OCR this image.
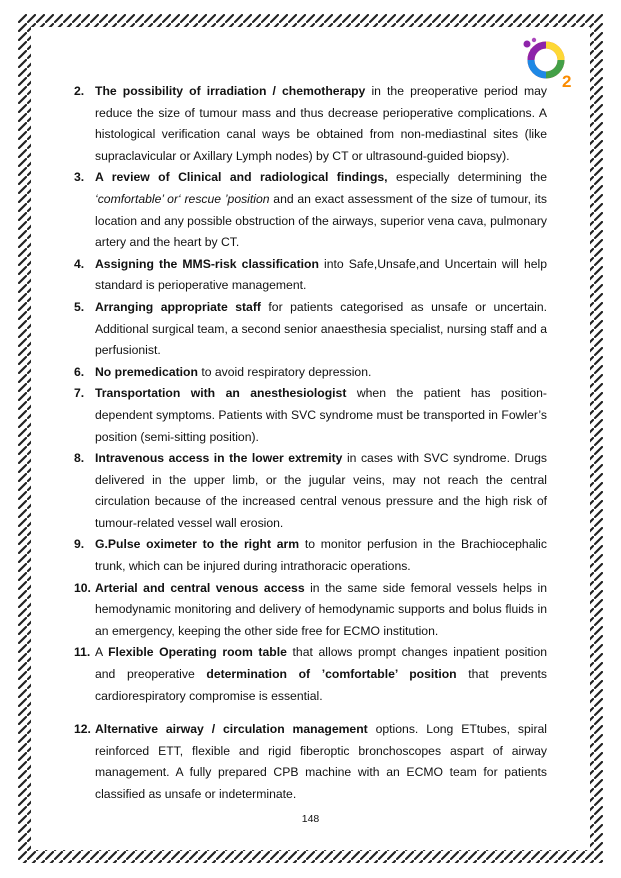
2
2. The possibility of irradiation / chemotherapy in the preoperative period may reduce the size of tumour mass and thus decrease perioperative complications. A histological verification canal ways be obtained from non-mediastinal sites (like supraclavicular or Axillary Lymph nodes) by CT or ultrasound-guided biopsy).
3. A review of Clinical and radiological findings, especially determining the ‘comfortable’ or‘ rescue ’position and an exact assessment of the size of tumour, its location and any possible obstruction of the airways, superior vena cava, pulmonary artery and the heart by CT.
4. Assigning the MMS-risk classification into Safe,Unsafe,and Uncertain will help standard is perioperative management.
5. Arranging appropriate staff for patients categorised as unsafe or uncertain. Additional surgical team, a second senior anaesthesia specialist, nursing staff and a perfusionist.
6. No premedication to avoid respiratory depression.
7. Transportation with an anesthesiologist when the patient has position-dependent symptoms. Patients with SVC syndrome must be transported in Fowler’s position (semi-sitting position).
8. Intravenous access in the lower extremity in cases with SVC syndrome. Drugs delivered in the upper limb, or the jugular veins, may not reach the central circulation because of the increased central venous pressure and the high risk of tumour-related vessel wall erosion.
9. G.Pulse oximeter to the right arm to monitor perfusion in the Brachiocephalic trunk, which can be injured during intrathoracic operations.
10. Arterial and central venous access in the same side femoral vessels helps in hemodynamic monitoring and delivery of hemodynamic supports and bolus fluids in an emergency, keeping the other side free for ECMO institution.
11. A Flexible Operating room table that allows prompt changes inpatient position and preoperative determination of ’comfortable’ position that prevents cardiorespiratory compromise is essential.
12. Alternative airway / circulation management options. Long ETtubes, spiral reinforced ETT, flexible and rigid fiberoptic bronchoscopes aspart of airway management. A fully prepared CPB machine with an ECMO team for patients classified as unsafe or indeterminate.
148
